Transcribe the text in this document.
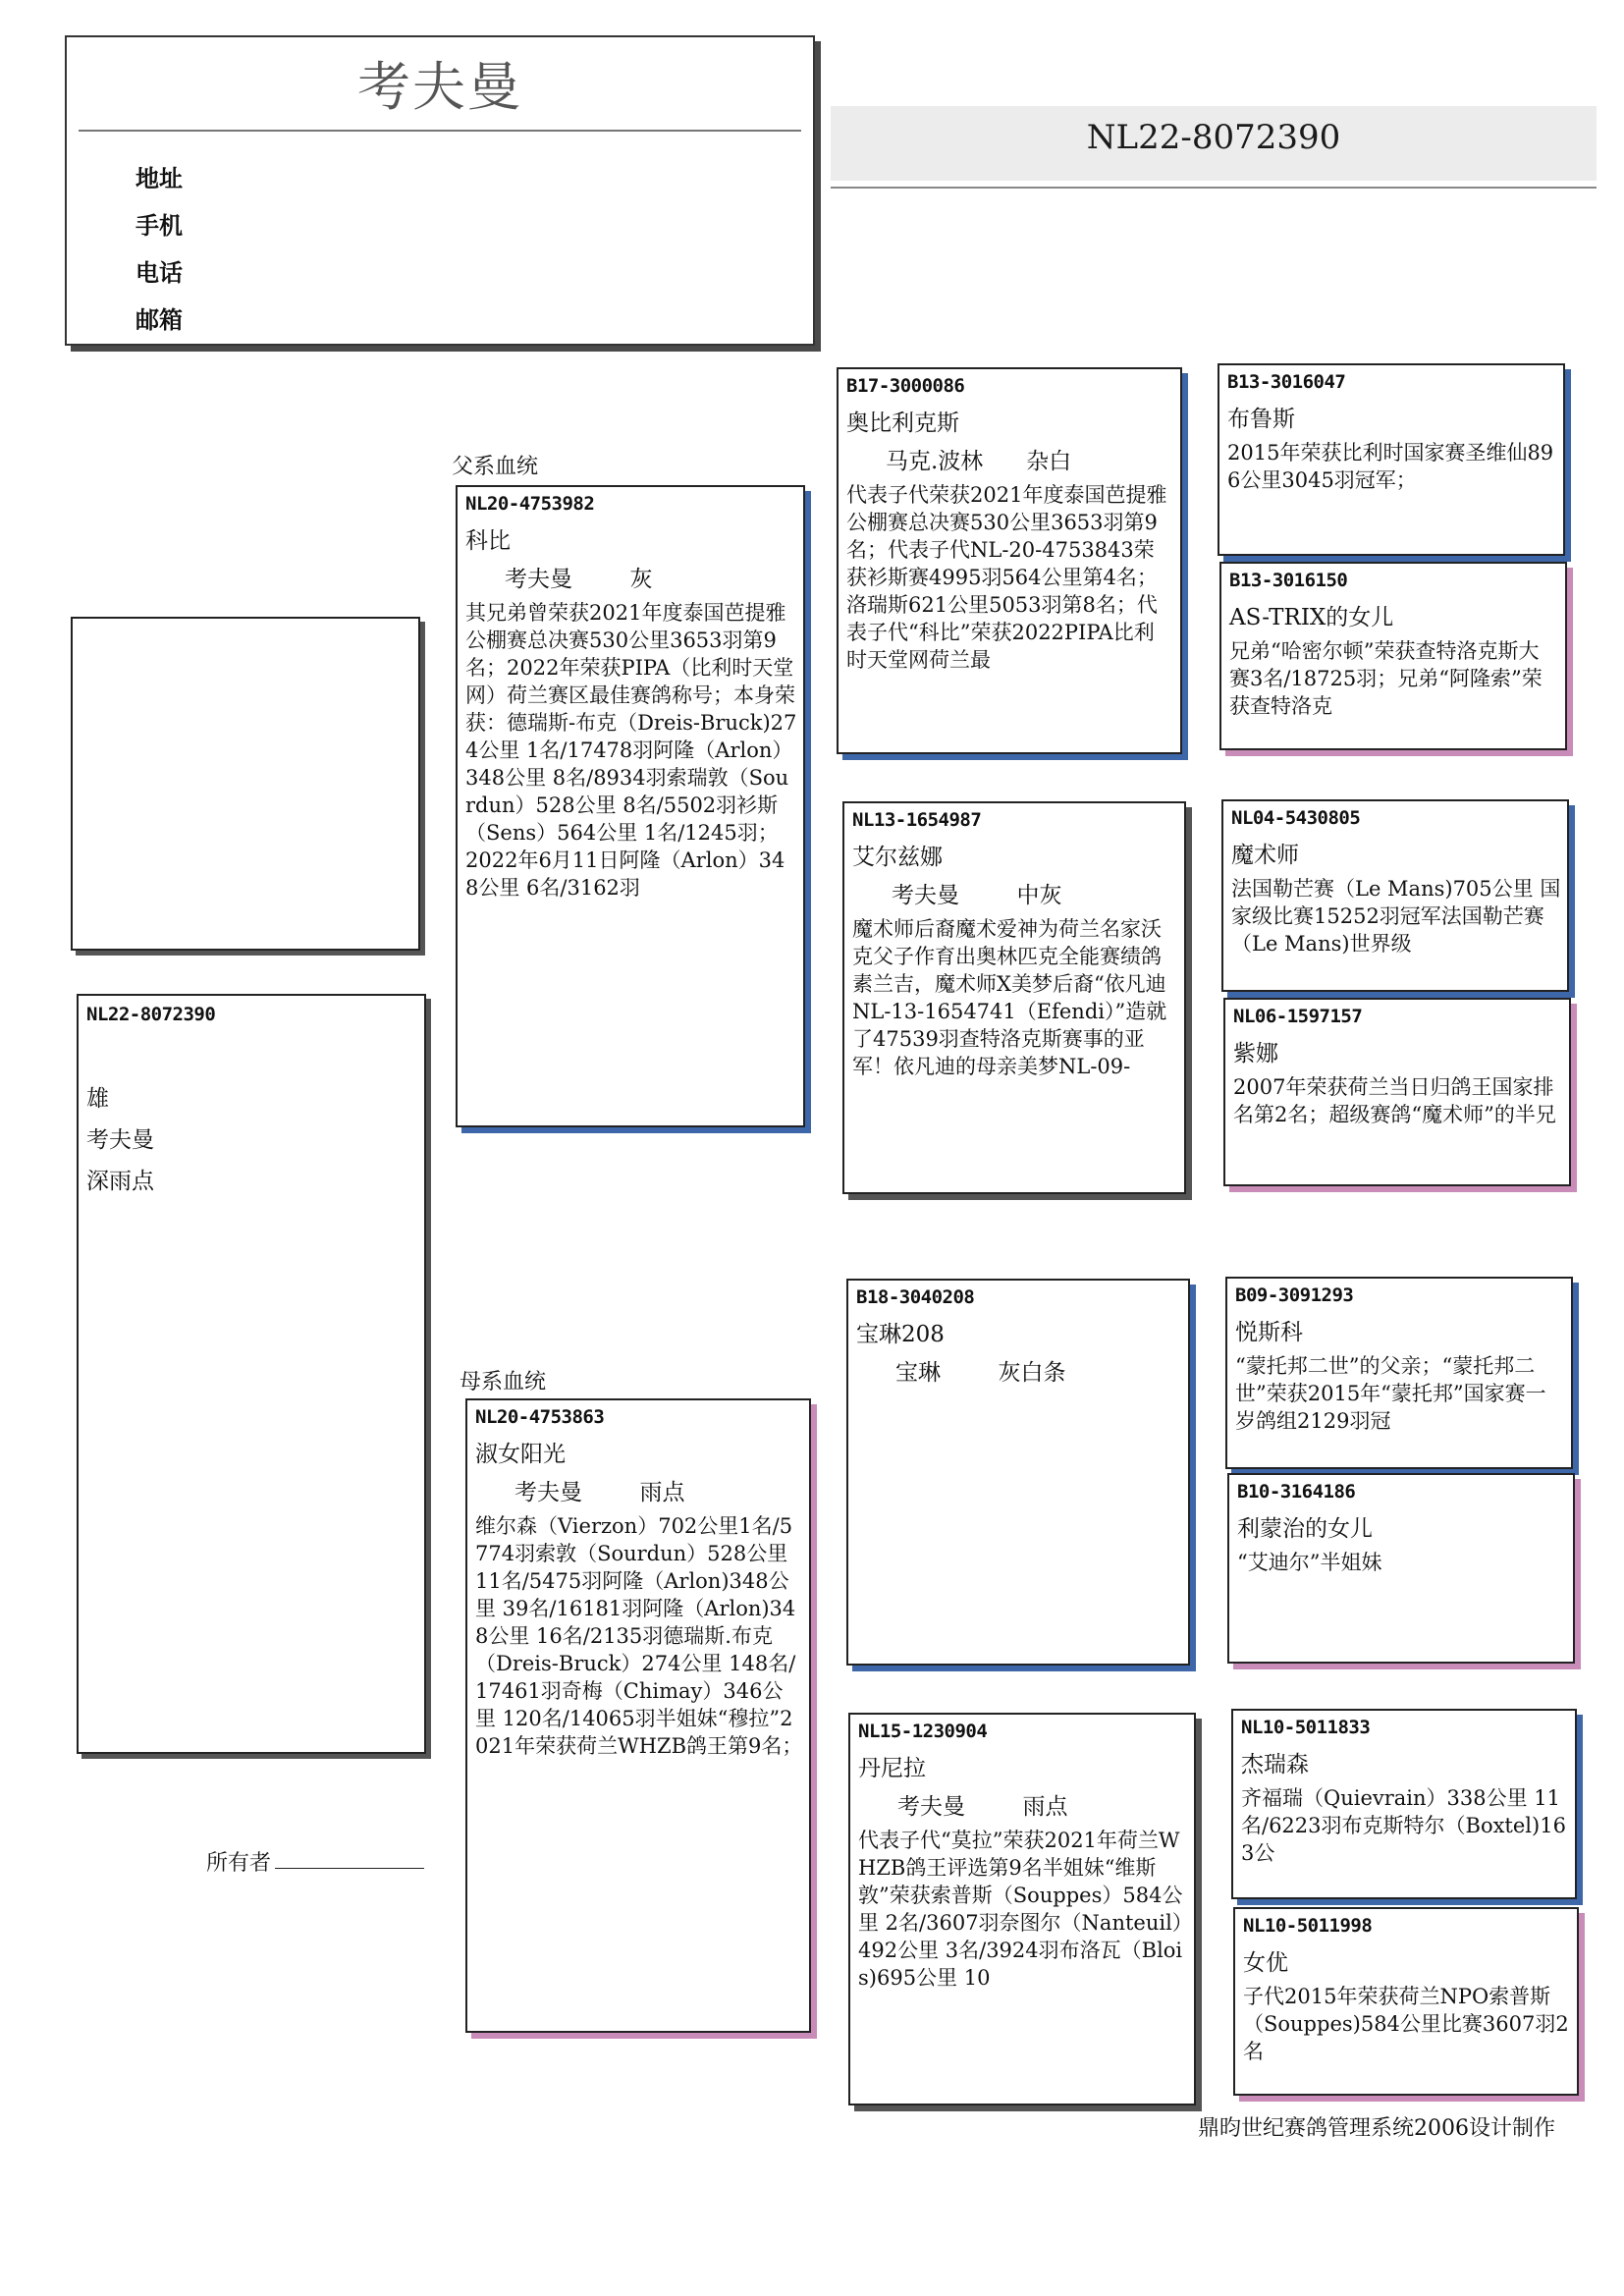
考夫曼
地址
手机
电话
邮箱
NL22-8072390
NL22-8072390
雄
考夫曼
深雨点
所有者
父系血统
母系血统
NL20-4753982
科比
考夫曼        灰
其兄弟曾荣获2021年度泰国芭提雅公棚赛总决赛530公里3653羽第9名；2022年荣获PIPA（比利时天堂网）荷兰赛区最佳赛鸽称号；本身荣获：德瑞斯-布克（Dreis-Bruck)274公里 1名/17478羽阿隆（Arlon）348公里 8名/8934羽索瑞敦（Sourdun）528公里 8名/5502羽衫斯（Sens）564公里 1名/1245羽； 2022年6月11日阿隆（Arlon）348公里 6名/3162羽
NL20-4753863
淑女阳光
考夫曼        雨点
维尔森（Vierzon）702公里1名/5774羽索敦（Sourdun）528公里 11名/5475羽阿隆（Arlon)348公里 39名/16181羽阿隆（Arlon)348公里 16名/2135羽德瑞斯.布克（Dreis-Bruck）274公里 148名/17461羽奇梅（Chimay）346公里 120名/14065羽半姐妹“穆拉”2021年荣获荷兰WHZB鸽王第9名；
B17-3000086
奥比利克斯
马克.波林      杂白
代表子代荣获2021年度泰国芭提雅公棚赛总决赛530公里3653羽第9名；代表子代NL-20-4753843荣获衫斯赛4995羽564公里第4名；洛瑞斯621公里5053羽第8名；代表子代“科比”荣获2022PIPA比利时天堂网荷兰最
NL13-1654987
艾尔兹娜
考夫曼        中灰
魔术师后裔魔术爱神为荷兰名家沃克父子作育出奥林匹克全能赛绩鸽素兰吉，魔术师X美梦后裔“依凡迪NL-13-1654741（Efendi）”造就了47539羽查特洛克斯赛事的亚军！依凡迪的母亲美梦NL-09-
B18-3040208
宝琳208
宝琳        灰白条
NL15-1230904
丹尼拉
考夫曼        雨点
代表子代“莫拉”荣获2021年荷兰WHZB鸽王评选第9名半姐妹“维斯敦”荣获索普斯（Souppes）584公里 2名/3607羽奈图尔（Nanteuil）492公里 3名/3924羽布洛瓦（Blois)695公里 10
B13-3016047
布鲁斯
2015年荣获比利时国家赛圣维仙896公里3045羽冠军；
B13-3016150
AS-TRIX的女儿
兄弟“哈密尔顿”荣获查特洛克斯大赛3名/18725羽；兄弟“阿隆索”荣获查特洛克
NL04-5430805
魔术师
法国勒芒赛（Le Mans)705公里 国家级比赛15252羽冠军法国勒芒赛（Le Mans)世界级
NL06-1597157
紫娜
2007年荣获荷兰当日归鸽王国家排名第2名；超级赛鸽“魔术师”的半兄
B09-3091293
悦斯科
“蒙托邦二世”的父亲；“蒙托邦二世”荣获2015年“蒙托邦”国家赛一岁鸽组2129羽冠
B10-3164186
利蒙治的女儿
“艾迪尔”半姐妹
NL10-5011833
杰瑞森
齐福瑞（Quievrain）338公里 11名/6223羽布克斯特尔（Boxtel)163公
NL10-5011998
女优
子代2015年荣获荷兰NPO索普斯（Souppes)584公里比赛3607羽2名
鼎昀世纪赛鸽管理系统2006设计制作
